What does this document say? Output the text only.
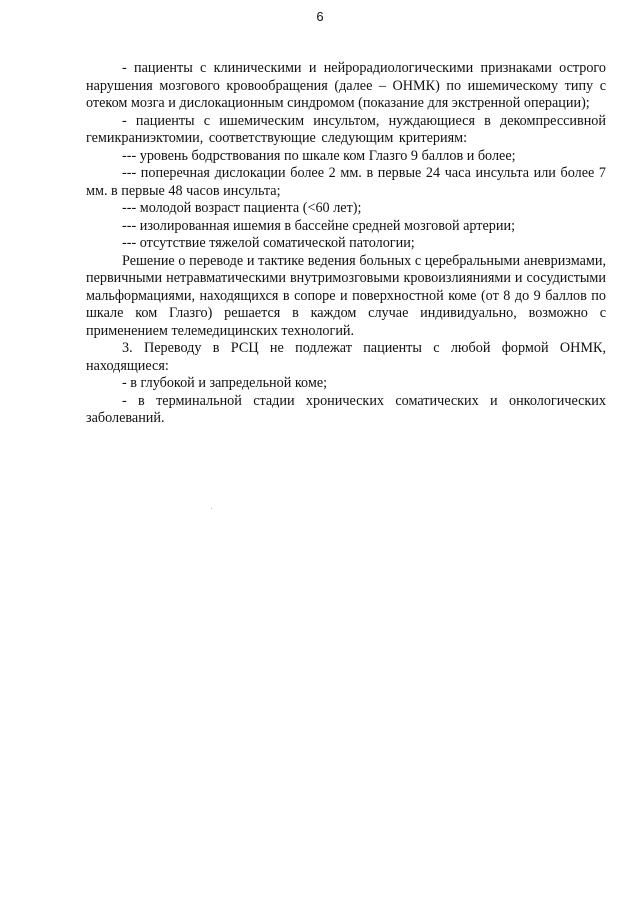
6

- пациенты с клиническими и нейрорадиологическими признаками острого нарушения мозгового кровообращения (далее – ОНМК) по ишемическому типу с отеком мозга и дислокационным синдромом (показание для экстренной операции);

- пациенты с ишемическим инсультом, нуждающиеся в декомпрессивной гемикраниэктомии, соответствующие следующим критериям:

--- уровень бодрствования по шкале ком Глазго 9 баллов и более;

--- поперечная дислокации более 2 мм. в первые 24 часа инсульта или более 7 мм. в первые 48 часов инсульта;

--- молодой возраст пациента (<60 лет);

--- изолированная ишемия в бассейне средней мозговой артерии;

--- отсутствие тяжелой соматической патологии;

Решение о переводе и тактике ведения больных с церебральными аневризмами, первичными нетравматическими внутримозговыми кровоизлияниями и сосудистыми мальформациями, находящихся в сопоре и поверхностной коме (от 8 до 9 баллов по шкале ком Глазго) решается в каждом случае индивидуально, возможно с применением телемедицинских технологий.

3. Переводу в РСЦ не подлежат пациенты с любой формой ОНМК, находящиеся:

- в глубокой и запредельной коме;

- в терминальной стадии хронических соматических и онкологических заболеваний.
